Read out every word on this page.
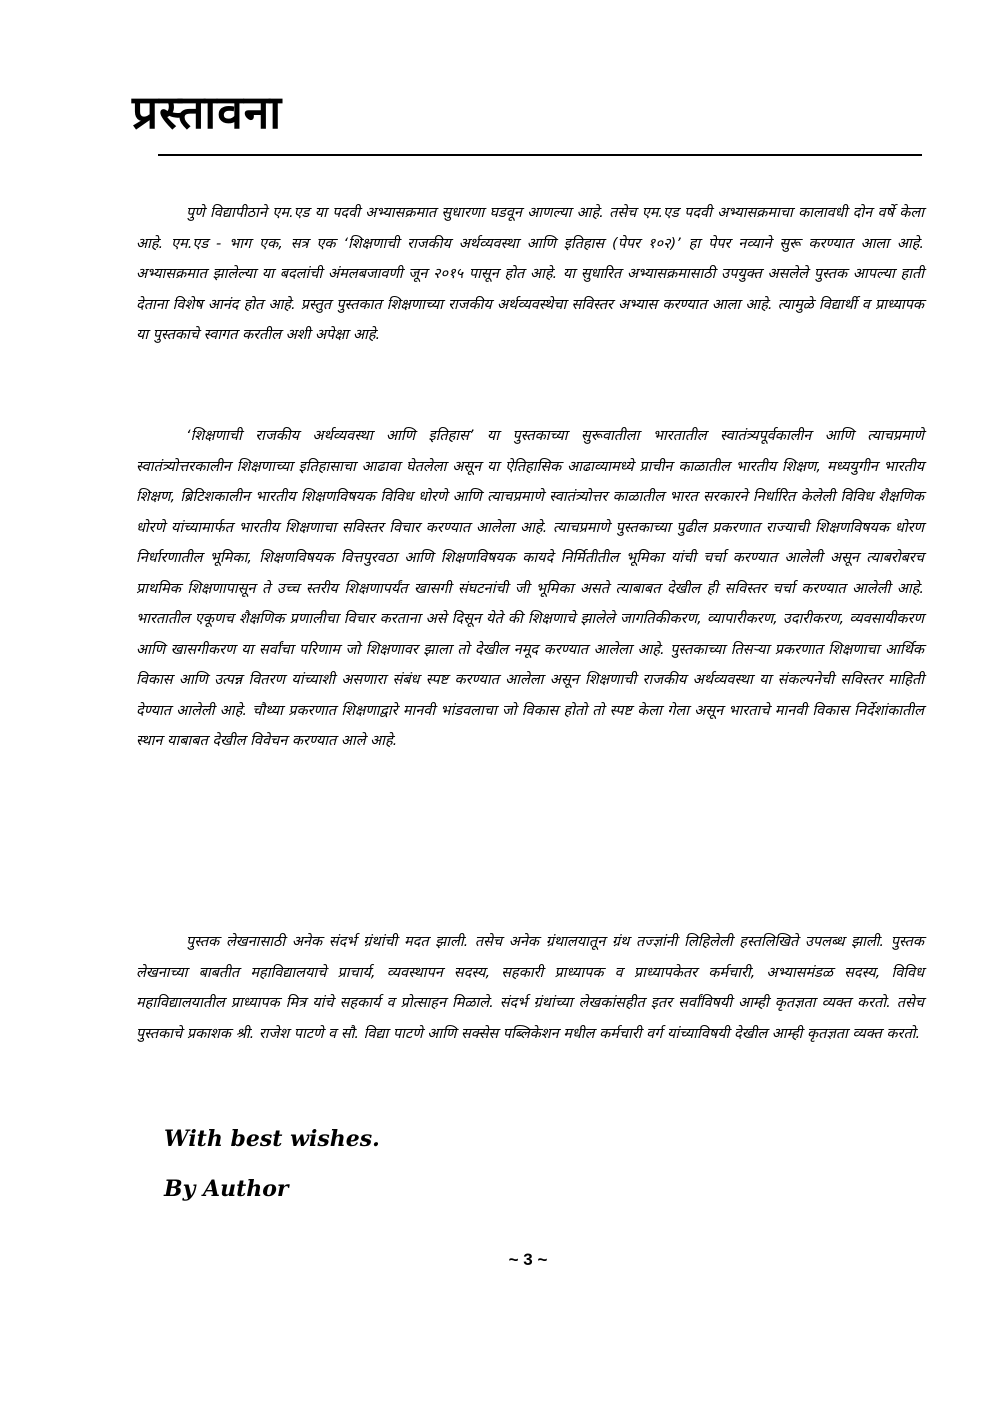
प्रस्तावना

पुणे विद्यापीठाने एम.एड या पदवी अभ्यासक्रमात सुधारणा घडवून आणल्या आहे. तसेच एम.एड पदवी अभ्यासक्रमाचा कालावधी दोन वर्षे केला आहे. एम.एड - भाग एक, सत्र एक ‘शिक्षणाची राजकीय अर्थव्यवस्था आणि इतिहास (पेपर १०२)’ हा पेपर नव्याने सुरू करण्यात आला आहे. अभ्यासक्रमात झालेल्या या बदलांची अंमलबजावणी जून २०१५ पासून होत आहे. या सुधारित अभ्यासक्रमासाठी उपयुक्त असलेले पुस्तक आपल्या हाती देताना विशेष आनंद होत आहे. प्रस्तुत पुस्तकात शिक्षणाच्या राजकीय अर्थव्यवस्थेचा सविस्तर अभ्यास करण्यात आला आहे. त्यामुळे विद्यार्थी व प्राध्यापक या पुस्तकाचे स्वागत करतील अशी अपेक्षा आहे.

‘शिक्षणाची राजकीय अर्थव्यवस्था आणि इतिहास’ या पुस्तकाच्या सुरूवातीला भारतातील स्वातंत्र्यपूर्वकालीन आणि त्याचप्रमाणे स्वातंत्र्योत्तरकालीन शिक्षणाच्या इतिहासाचा आढावा घेतलेला असून या ऐतिहासिक आढाव्यामध्ये प्राचीन काळातील भारतीय शिक्षण, मध्ययुगीन भारतीय शिक्षण, ब्रिटिशकालीन भारतीय शिक्षणविषयक विविध धोरणे आणि त्याचप्रमाणे स्वातंत्र्योत्तर काळातील भारत सरकारने निर्धारित केलेली विविध शैक्षणिक धोरणे यांच्यामार्फत भारतीय शिक्षणाचा सविस्तर विचार करण्यात आलेला आहे. त्याचप्रमाणे पुस्तकाच्या पुढील प्रकरणात राज्याची शिक्षणविषयक धोरण निर्धारणातील भूमिका, शिक्षणविषयक वित्तपुरवठा आणि शिक्षणविषयक कायदे निर्मितीतील भूमिका यांची चर्चा करण्यात आलेली असून त्याबरोबरच प्राथमिक शिक्षणापासून ते उच्च स्तरीय शिक्षणापर्यंत खासगी संघटनांची जी भूमिका असते त्याबाबत देखील ही सविस्तर चर्चा करण्यात आलेली आहे. भारतातील एकूणच शैक्षणिक प्रणालीचा विचार करताना असे दिसून येते की शिक्षणाचे झालेले जागतिकीकरण, व्यापारीकरण, उदारीकरण, व्यवसायीकरण आणि खासगीकरण या सर्वांचा परिणाम जो शिक्षणावर झाला तो देखील नमूद करण्यात आलेला आहे. पुस्तकाच्या तिसऱ्या प्रकरणात शिक्षणाचा आर्थिक विकास आणि उत्पन्न वितरण यांच्याशी असणारा संबंध स्पष्ट करण्यात आलेला असून शिक्षणाची राजकीय अर्थव्यवस्था या संकल्पनेची सविस्तर माहिती देण्यात आलेली आहे. चौथ्या प्रकरणात शिक्षणाद्वारे मानवी भांडवलाचा जो विकास होतो तो स्पष्ट केला गेला असून भारताचे मानवी विकास निर्देशांकातील स्थान याबाबत देखील विवेचन करण्यात आले आहे.

पुस्तक लेखनासाठी अनेक संदर्भ ग्रंथांची मदत झाली. तसेच अनेक ग्रंथालयातून ग्रंथ तज्ज्ञांनी लिहिलेली हस्तलिखिते उपलब्ध झाली. पुस्तक लेखनाच्या बाबतीत महाविद्यालयाचे प्राचार्य, व्यवस्थापन सदस्य, सहकारी प्राध्यापक व प्राध्यापकेतर कर्मचारी, अभ्यासमंडळ सदस्य, विविध महाविद्यालयातील प्राध्यापक मित्र यांचे सहकार्य व प्रोत्साहन मिळाले. संदर्भ ग्रंथांच्या लेखकांसहीत इतर सर्वांविषयी आम्ही कृतज्ञता व्यक्त करतो. तसेच पुस्तकाचे प्रकाशक श्री. राजेश पाटणे व सौ. विद्या पाटणे आणि सक्सेस पब्लिकेशन मधील कर्मचारी वर्ग यांच्याविषयी देखील आम्ही कृतज्ञता व्यक्त करतो.

With best wishes.

By Author

~ 3 ~
